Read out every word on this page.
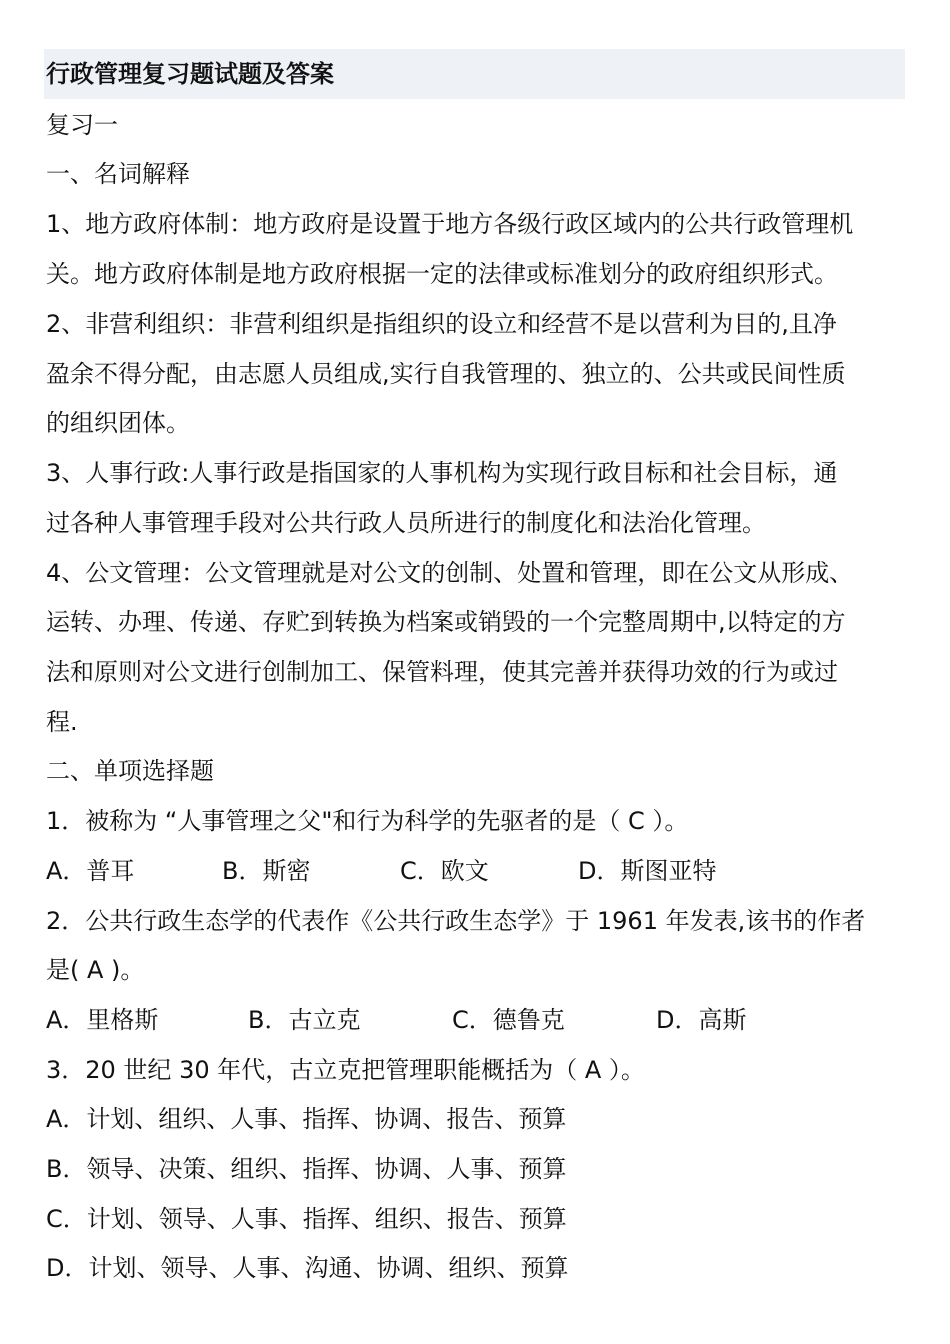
行政管理复习题试题及答案
复习一
一、名词解释
1、地方政府体制：地方政府是设置于地方各级行政区域内的公共行政管理机
关。地方政府体制是地方政府根据一定的法律或标准划分的政府组织形式。
2、非营利组织：非营利组织是指组织的设立和经营不是以营利为目的,且净
盈余不得分配，由志愿人员组成,实行自我管理的、独立的、公共或民间性质
的组织团体。
3、人事行政:人事行政是指国家的人事机构为实现行政目标和社会目标，通
过各种人事管理手段对公共行政人员所进行的制度化和法治化管理。
4、公文管理：公文管理就是对公文的创制、处置和管理，即在公文从形成、
运转、办理、传递、存贮到转换为档案或销毁的一个完整周期中,以特定的方
法和原则对公文进行创制加工、保管料理，使其完善并获得功效的行为或过
程.
二、单项选择题
1．被称为 “人事管理之父"和行为科学的先驱者的是（ C ）。
A．普耳	B．斯密	C．欧文	D．斯图亚特
2．公共行政生态学的代表作《公共行政生态学》于 1961 年发表,该书的作者
是( A )。
A．里格斯	B．古立克	C．德鲁克	D．高斯
3．20 世纪 30 年代，古立克把管理职能概括为（ A ）。
A．计划、组织、人事、指挥、协调、报告、预算
B．领导、决策、组织、指挥、协调、人事、预算
C．计划、领导、人事、指挥、组织、报告、预算
D．计划、领导、人事、沟通、协调、组织、预算
